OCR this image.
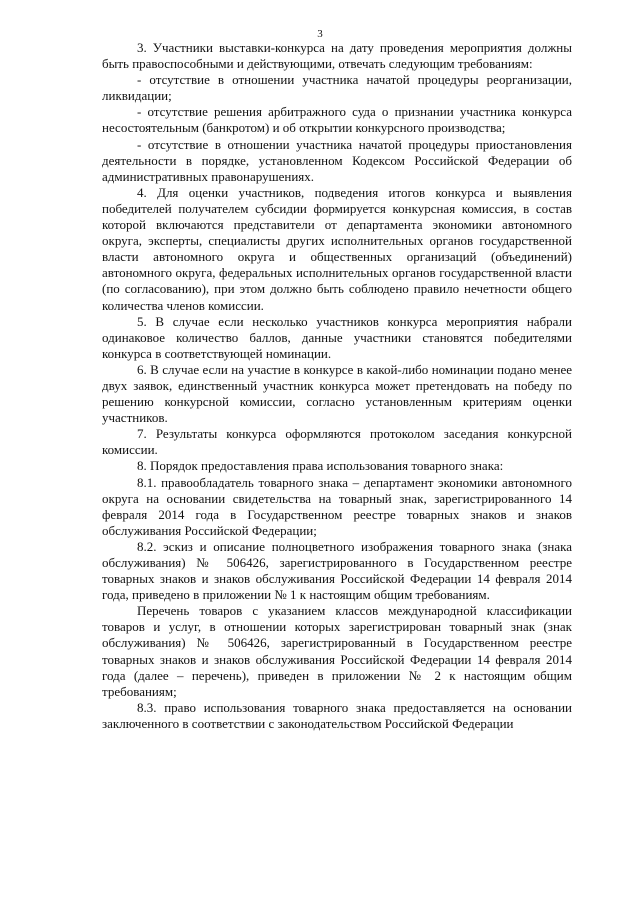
3

3. Участники выставки-конкурса на дату проведения мероприятия должны быть правоспособными и действующими, отвечать следующим требованиям:

- отсутствие в отношении участника начатой процедуры реорганизации, ликвидации;

- отсутствие решения арбитражного суда о признании участника конкурса несостоятельным (банкротом) и об открытии конкурсного производства;

- отсутствие в отношении участника начатой процедуры приостановления деятельности в порядке, установленном Кодексом Российской Федерации об административных правонарушениях.

4. Для оценки участников, подведения итогов конкурса и выявления победителей получателем субсидии формируется конкурсная комиссия, в состав которой включаются представители от департамента экономики автономного округа, эксперты, специалисты других исполнительных органов государственной власти автономного округа и общественных организаций (объединений) автономного округа, федеральных исполнительных органов государственной власти (по согласованию), при этом должно быть соблюдено правило нечетности общего количества членов комиссии.

5. В случае если несколько участников конкурса мероприятия набрали одинаковое количество баллов, данные участники становятся победителями конкурса в соответствующей номинации.

6. В случае если на участие в конкурсе в какой-либо номинации подано менее двух заявок, единственный участник конкурса может претендовать на победу по решению конкурсной комиссии, согласно установленным критериям оценки участников.

7. Результаты конкурса оформляются протоколом заседания конкурсной комиссии.

8. Порядок предоставления права использования товарного знака:

8.1. правообладатель товарного знака – департамент экономики автономного округа на основании свидетельства на товарный знак, зарегистрированного 14 февраля 2014 года в Государственном реестре товарных знаков и знаков обслуживания Российской Федерации;

8.2. эскиз и описание полноцветного изображения товарного знака (знака обслуживания) № 506426, зарегистрированного в Государственном реестре товарных знаков и знаков обслуживания Российской Федерации 14 февраля 2014 года, приведено в приложении № 1 к настоящим общим требованиям.

Перечень товаров с указанием классов международной классификации товаров и услуг, в отношении которых зарегистрирован товарный знак (знак обслуживания) № 506426, зарегистрированный в Государственном реестре товарных знаков и знаков обслуживания Российской Федерации 14 февраля 2014 года (далее – перечень), приведен в приложении № 2 к настоящим общим требованиям;

8.3. право использования товарного знака предоставляется на основании заключенного в соответствии с законодательством Российской Федерации
